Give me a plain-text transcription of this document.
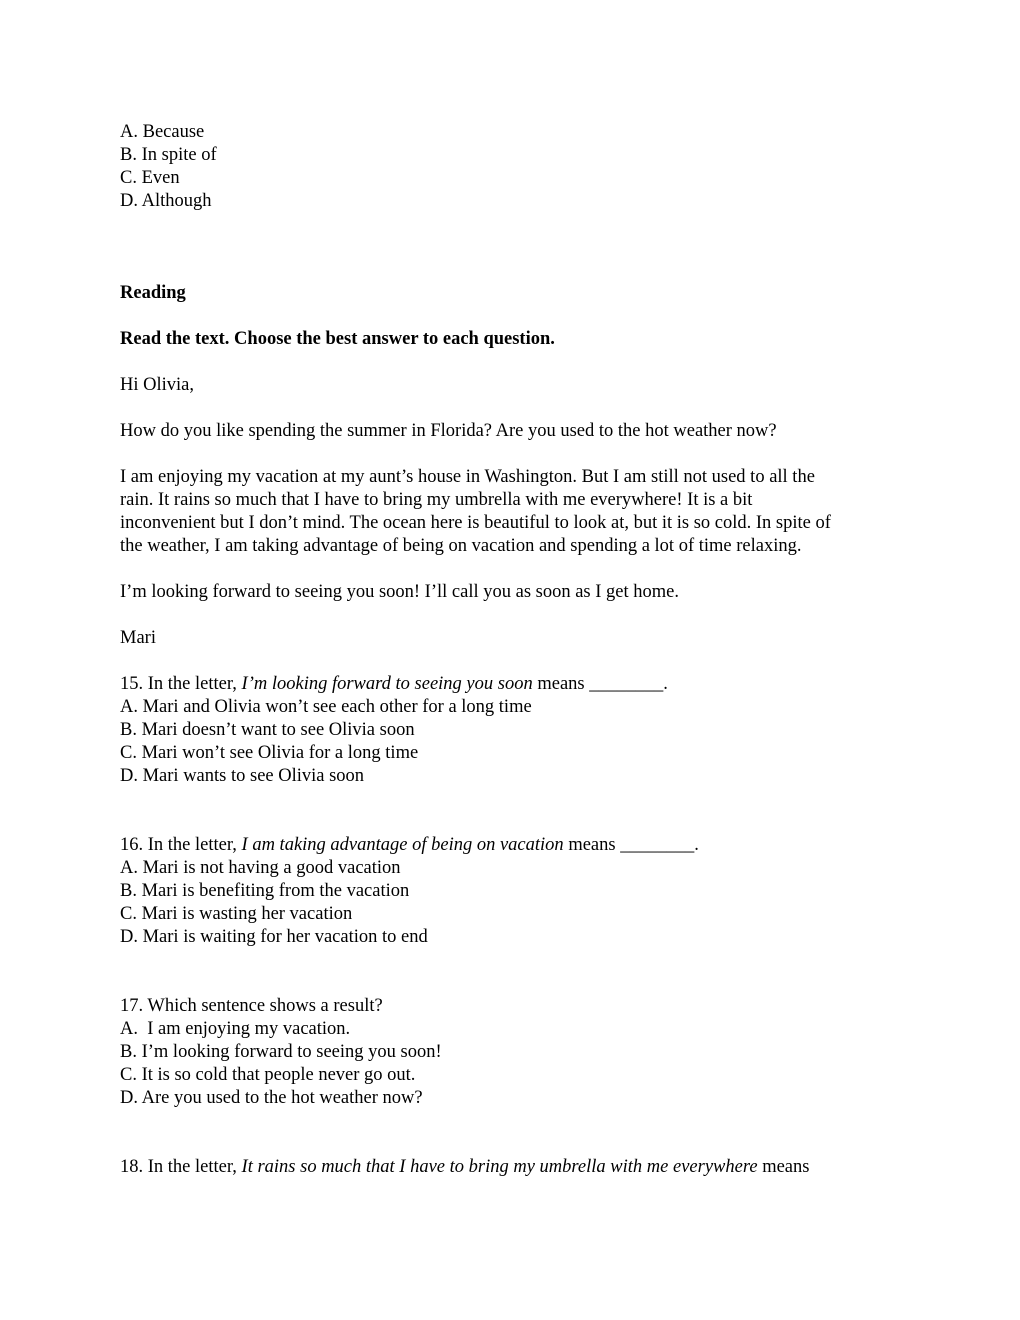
A. Because
B. In spite of
C. Even
D. Although
Reading
Read the text. Choose the best answer to each question.
Hi Olivia,
How do you like spending the summer in Florida? Are you used to the hot weather now?
I am enjoying my vacation at my aunt’s house in Washington. But I am still not used to all the
rain. It rains so much that I have to bring my umbrella with me everywhere! It is a bit
inconvenient but I don’t mind. The ocean here is beautiful to look at, but it is so cold. In spite of
the weather, I am taking advantage of being on vacation and spending a lot of time relaxing.
I’m looking forward to seeing you soon! I’ll call you as soon as I get home.
Mari
15. In the letter, I’m looking forward to seeing you soon means ________.
A. Mari and Olivia won’t see each other for a long time
B. Mari doesn’t want to see Olivia soon
C. Mari won’t see Olivia for a long time
D. Mari wants to see Olivia soon
16. In the letter, I am taking advantage of being on vacation means ________.
A. Mari is not having a good vacation
B. Mari is benefiting from the vacation
C. Mari is wasting her vacation
D. Mari is waiting for her vacation to end
17. Which sentence shows a result?
A.  I am enjoying my vacation.
B. I’m looking forward to seeing you soon!
C. It is so cold that people never go out.
D. Are you used to the hot weather now?
18. In the letter, It rains so much that I have to bring my umbrella with me everywhere means
